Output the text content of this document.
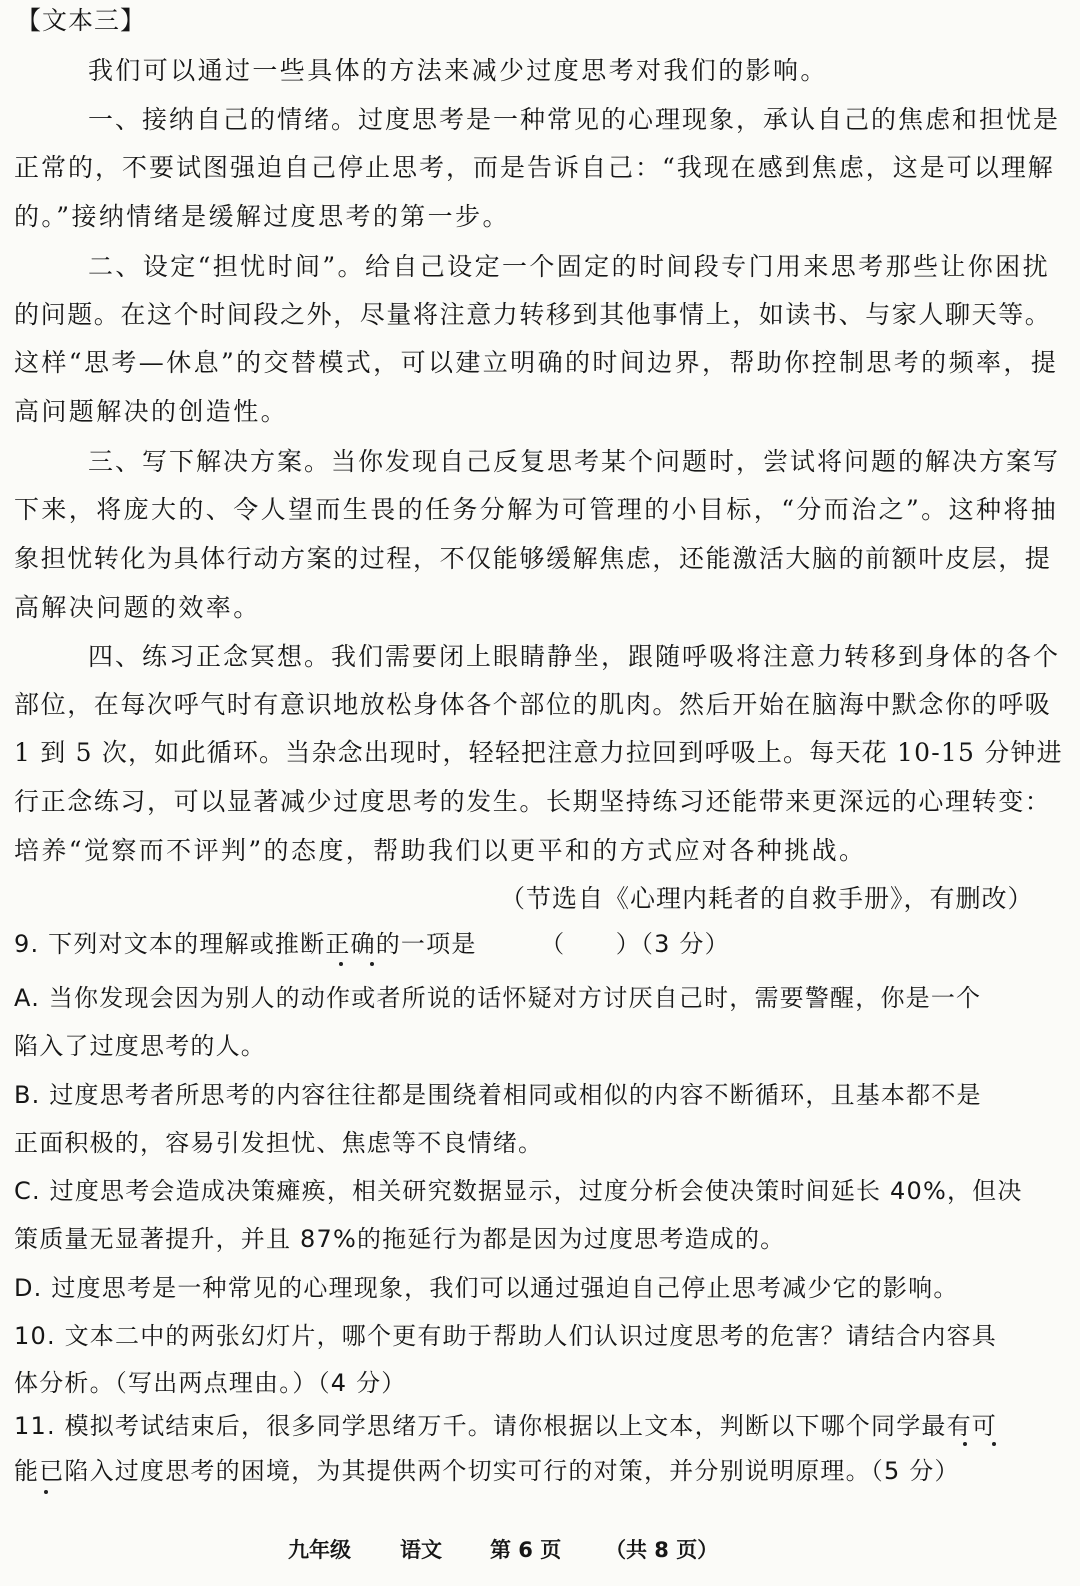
【文本三】
我们可以通过一些具体的方法来减少过度思考对我们的影响。
一、接纳自己的情绪。过度思考是一种常见的心理现象，承认自己的焦虑和担忧是
正常的，不要试图强迫自己停止思考，而是告诉自己：“我现在感到焦虑，这是可以理解
的。”接纳情绪是缓解过度思考的第一步。
二、设定“担忧时间”。给自己设定一个固定的时间段专门用来思考那些让你困扰
的问题。在这个时间段之外，尽量将注意力转移到其他事情上，如读书、与家人聊天等。
这样“思考—休息”的交替模式，可以建立明确的时间边界，帮助你控制思考的频率，提
高问题解决的创造性。
三、写下解决方案。当你发现自己反复思考某个问题时，尝试将问题的解决方案写
下来，将庞大的、令人望而生畏的任务分解为可管理的小目标，“分而治之”。这种将抽
象担忧转化为具体行动方案的过程，不仅能够缓解焦虑，还能激活大脑的前额叶皮层，提
高解决问题的效率。
四、练习正念冥想。我们需要闭上眼睛静坐，跟随呼吸将注意力转移到身体的各个
部位，在每次呼气时有意识地放松身体各个部位的肌肉。然后开始在脑海中默念你的呼吸
1 到 5 次，如此循环。当杂念出现时，轻轻把注意力拉回到呼吸上。每天花 10-15 分钟进
行正念练习，可以显著减少过度思考的发生。长期坚持练习还能带来更深远的心理转变：
培养“觉察而不评判”的态度，帮助我们以更平和的方式应对各种挑战。
（节选自《心理内耗者的自救手册》，有删改）
9. 下列对文本的理解或推断正确的一项是　　　（　　）（3 分）
A. 当你发现会因为别人的动作或者所说的话怀疑对方讨厌自己时，需要警醒，你是一个
陷入了过度思考的人。
B. 过度思考者所思考的内容往往都是围绕着相同或相似的内容不断循环，且基本都不是
正面积极的，容易引发担忧、焦虑等不良情绪。
C. 过度思考会造成决策瘫痪，相关研究数据显示，过度分析会使决策时间延长 40%，但决
策质量无显著提升，并且 87%的拖延行为都是因为过度思考造成的。
D. 过度思考是一种常见的心理现象，我们可以通过强迫自己停止思考减少它的影响。
10. 文本二中的两张幻灯片，哪个更有助于帮助人们认识过度思考的危害？请结合内容具
体分析。（写出两点理由。）（4 分）
11. 模拟考试结束后，很多同学思绪万千。请你根据以上文本，判断以下哪个同学最有可
能已陷入过度思考的困境，为其提供两个切实可行的对策，并分别说明原理。（5 分）
九年级 语文 第 6 页 （共 8 页）
